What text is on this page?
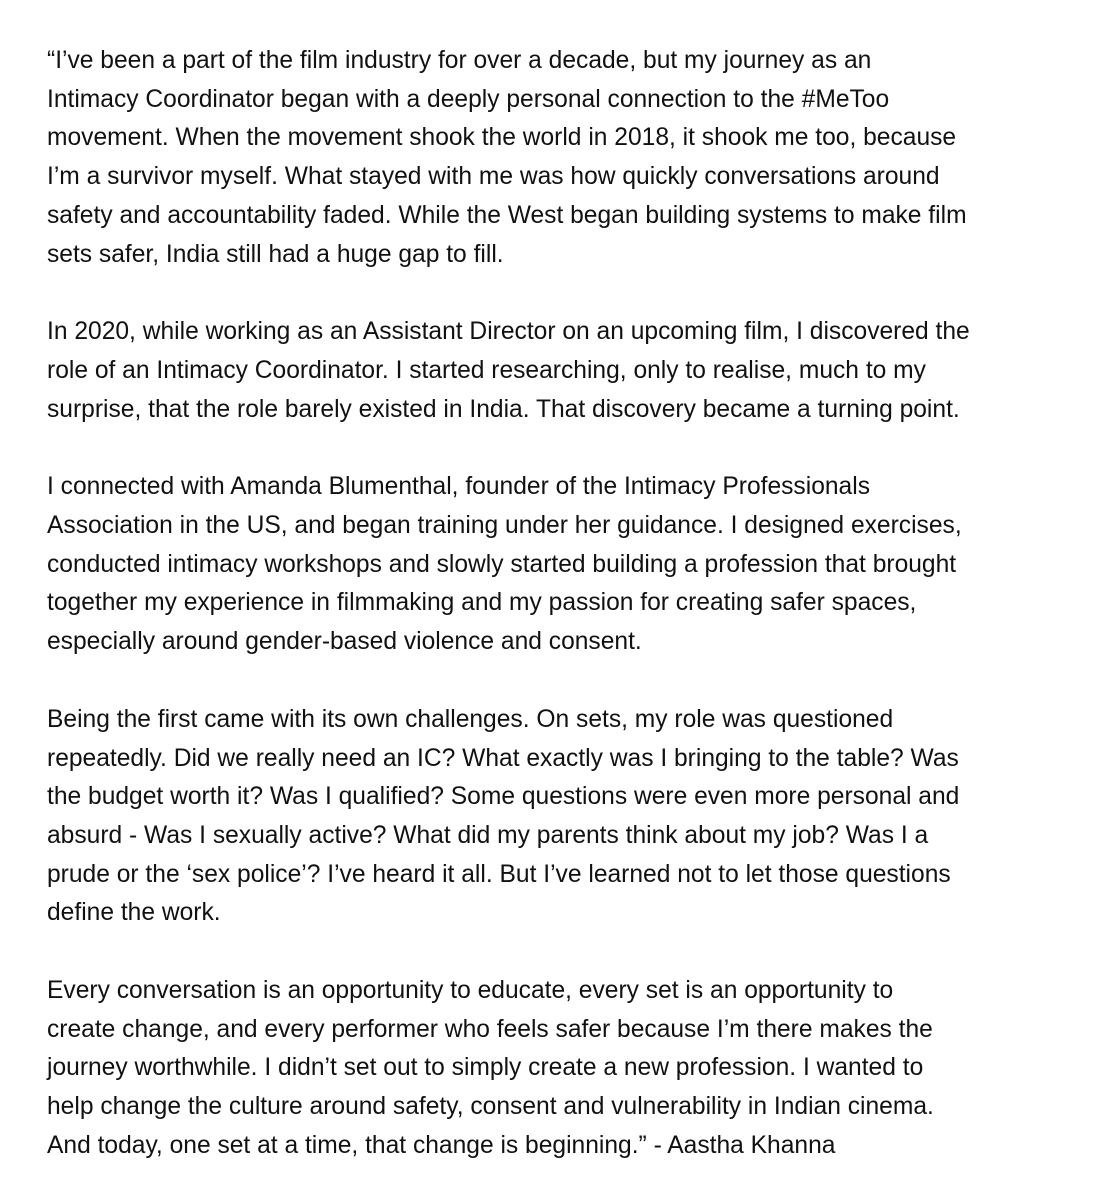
“I’ve been a part of the film industry for over a decade, but my journey as an
Intimacy Coordinator began with a deeply personal connection to the #MeToo
movement. When the movement shook the world in 2018, it shook me too, because
I’m a survivor myself. What stayed with me was how quickly conversations around
safety and accountability faded. While the West began building systems to make film
sets safer, India still had a huge gap to fill.

In 2020, while working as an Assistant Director on an upcoming film, I discovered the
role of an Intimacy Coordinator. I started researching, only to realise, much to my
surprise, that the role barely existed in India. That discovery became a turning point.

I connected with Amanda Blumenthal, founder of the Intimacy Professionals
Association in the US, and began training under her guidance. I designed exercises,
conducted intimacy workshops and slowly started building a profession that brought
together my experience in filmmaking and my passion for creating safer spaces,
especially around gender-based violence and consent.

Being the first came with its own challenges. On sets, my role was questioned
repeatedly. Did we really need an IC? What exactly was I bringing to the table? Was
the budget worth it? Was I qualified? Some questions were even more personal and
absurd - Was I sexually active? What did my parents think about my job? Was I a
prude or the ‘sex police’? I’ve heard it all. But I’ve learned not to let those questions
define the work.

Every conversation is an opportunity to educate, every set is an opportunity to
create change, and every performer who feels safer because I’m there makes the
journey worthwhile. I didn’t set out to simply create a new profession. I wanted to
help change the culture around safety, consent and vulnerability in Indian cinema.
And today, one set at a time, that change is beginning.” - Aastha Khanna
